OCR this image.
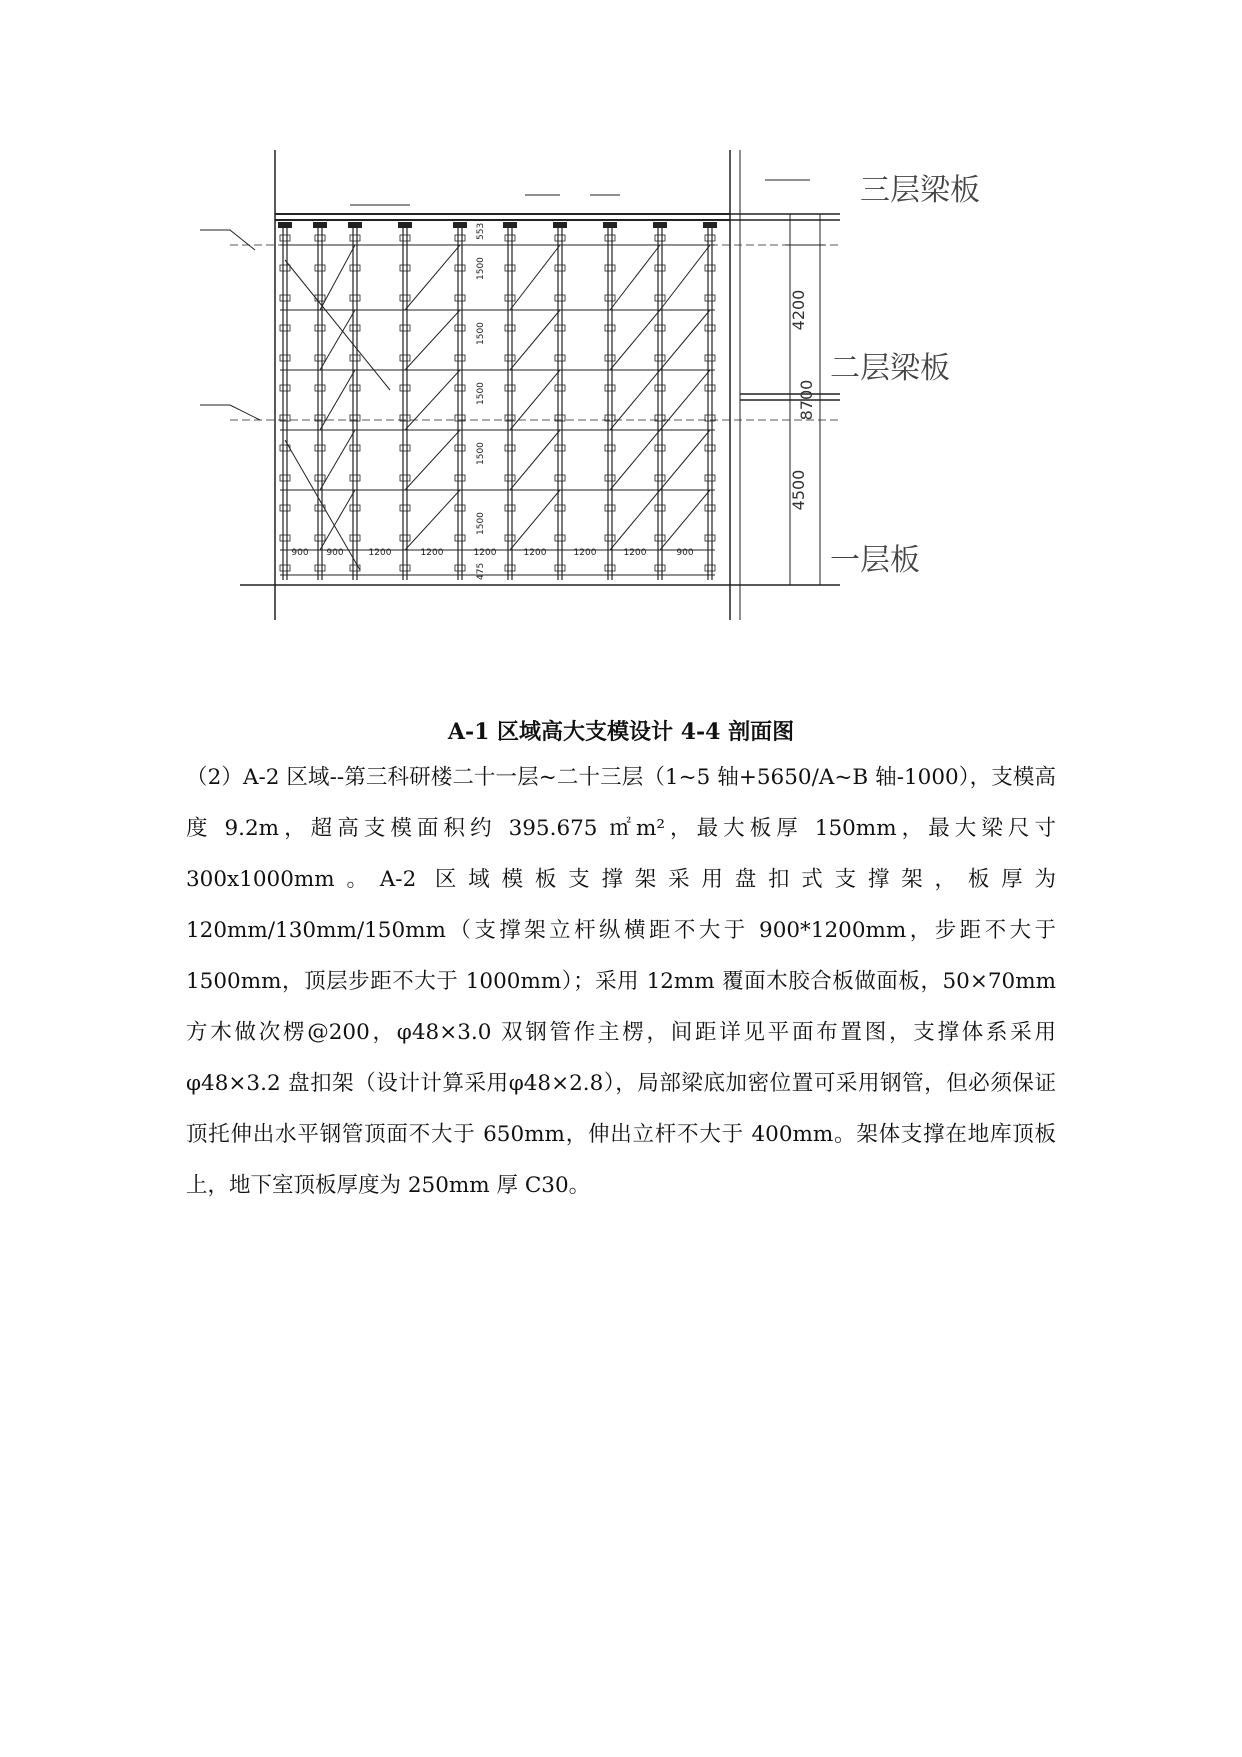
900 900	1200	1200	1200	1200	1200	1200	900
475
553
1500
1500
1500
1500
1500
4200
4500
8700
三层梁板
二层梁板
一层板
A-1 区域高大支模设计 4-4 剖面图

（2）A-2 区域--第三科研楼二十一层~二十三层（1~5 轴+5650/A~B 轴-1000），支模高度 9.2m，超高支模面积约 395.675 ㎡m²，最大板厚 150mm，最大梁尺寸 300x1000mm。A-2 区域模板支撑架采用盘扣式支撑架，板厚为 120mm/130mm/150mm（支撑架立杆纵横距不大于 900*1200mm，步距不大于 1500mm，顶层步距不大于 1000mm）；采用 12mm 覆面木胶合板做面板，50×70mm 方木做次楞@200，φ48×3.0 双钢管作主楞，间距详见平面布置图，支撑体系采用φ48×3.2 盘扣架（设计计算采用φ48×2.8），局部梁底加密位置可采用钢管，但必须保证顶托伸出水平钢管顶面不大于 650mm，伸出立杆不大于 400mm。架体支撑在地库顶板上，地下室顶板厚度为 250mm 厚 C30。
